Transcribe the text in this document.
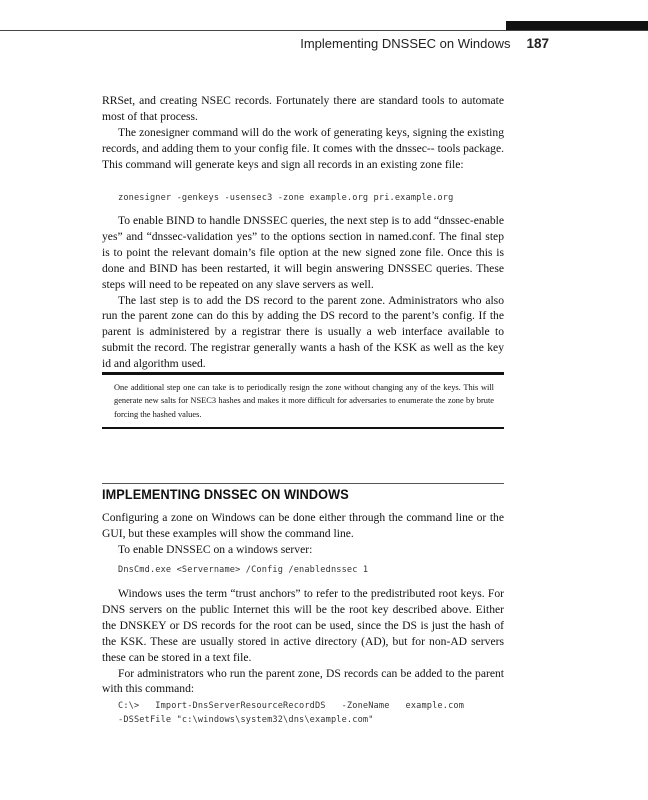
Implementing DNSSEC on Windows 187

RRSet, and creating NSEC records. Fortunately there are standard tools to automate most of that process.

The zonesigner command will do the work of generating keys, signing the existing records, and adding them to your config file. It comes with the dnssec-- tools package. This command will generate keys and sign all records in an existing zone file:

zonesigner -genkeys -usensec3 -zone example.org pri.example.org

To enable BIND to handle DNSSEC queries, the next step is to add “dnssec-enable yes” and “dnssec-validation yes” to the options section in named.conf. The final step is to point the relevant domain’s file option at the new signed zone file. Once this is done and BIND has been restarted, it will begin answering DNSSEC queries. These steps will need to be repeated on any slave servers as well.

The last step is to add the DS record to the parent zone. Administrators who also run the parent zone can do this by adding the DS record to the parent’s config. If the parent is administered by a registrar there is usually a web interface available to submit the record. The registrar generally wants a hash of the KSK as well as the key id and algorithm used.

One additional step one can take is to periodically resign the zone without changing any of the keys. This will generate new salts for NSEC3 hashes and makes it more difficult for adversaries to enumerate the zone by brute forcing the hashed values.
IMPLEMENTING DNSSEC ON WINDOWS

Configuring a zone on Windows can be done either through the command line or the GUI, but these examples will show the command line.

To enable DNSSEC on a windows server:

DnsCmd.exe <Servername> /Config /enablednssec 1

Windows uses the term “trust anchors” to refer to the predistributed root keys. For DNS servers on the public Internet this will be the root key described above. Either the DNSKEY or DS records for the root can be used, since the DS is just the hash of the KSK. These are usually stored in active directory (AD), but for non-AD servers these can be stored in a text file.

For administrators who run the parent zone, DS records can be added to the parent with this command:

C:\>   Import-DnsServerResourceRecordDS   -ZoneName   example.com
-DSSetFile "c:\windows\system32\dns\example.com"
